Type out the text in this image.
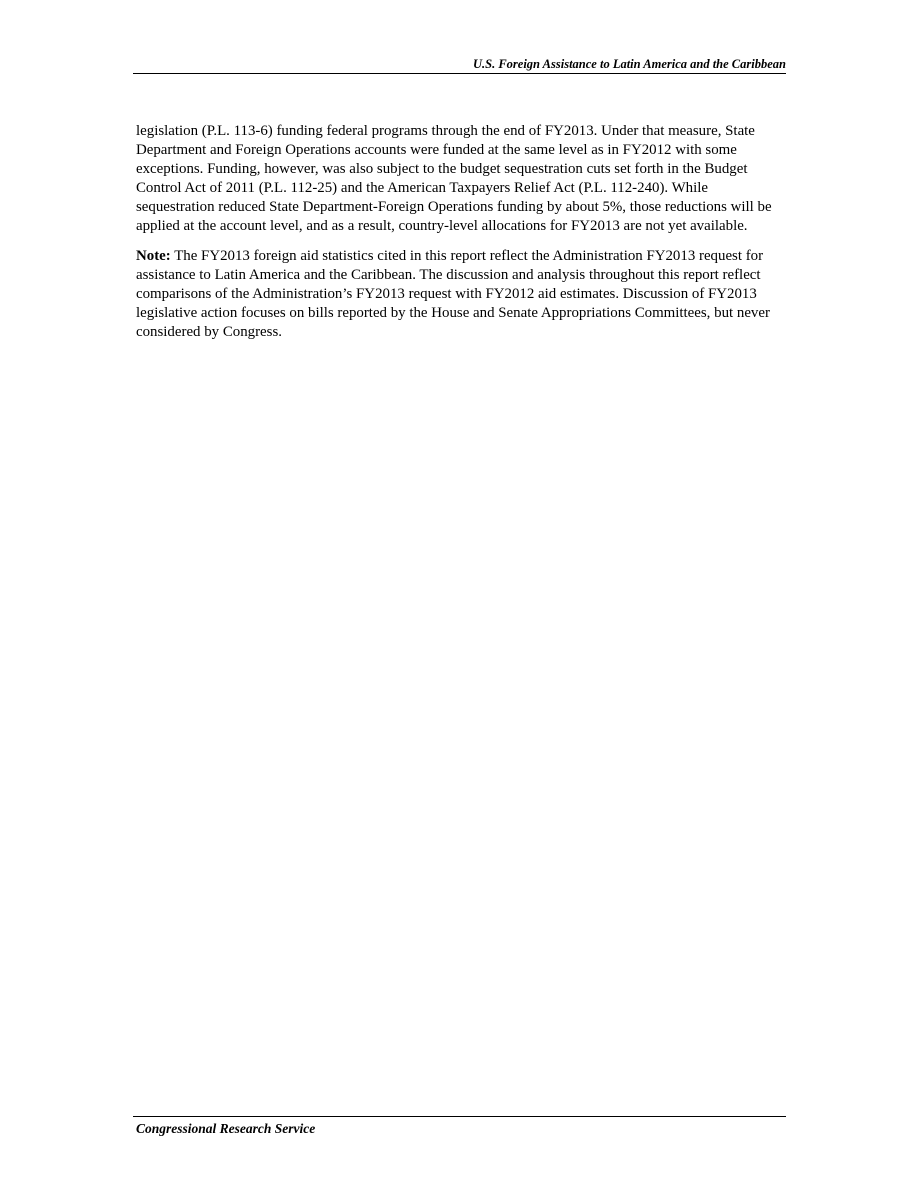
U.S. Foreign Assistance to Latin America and the Caribbean

legislation (P.L. 113-6) funding federal programs through the end of FY2013. Under that measure, State Department and Foreign Operations accounts were funded at the same level as in FY2012 with some exceptions. Funding, however, was also subject to the budget sequestration cuts set forth in the Budget Control Act of 2011 (P.L. 112-25) and the American Taxpayers Relief Act (P.L. 112-240). While sequestration reduced State Department-Foreign Operations funding by about 5%, those reductions will be applied at the account level, and as a result, country-level allocations for FY2013 are not yet available.

Note: The FY2013 foreign aid statistics cited in this report reflect the Administration FY2013 request for assistance to Latin America and the Caribbean. The discussion and analysis throughout this report reflect comparisons of the Administration’s FY2013 request with FY2012 aid estimates. Discussion of FY2013 legislative action focuses on bills reported by the House and Senate Appropriations Committees, but never considered by Congress.

Congressional Research Service
